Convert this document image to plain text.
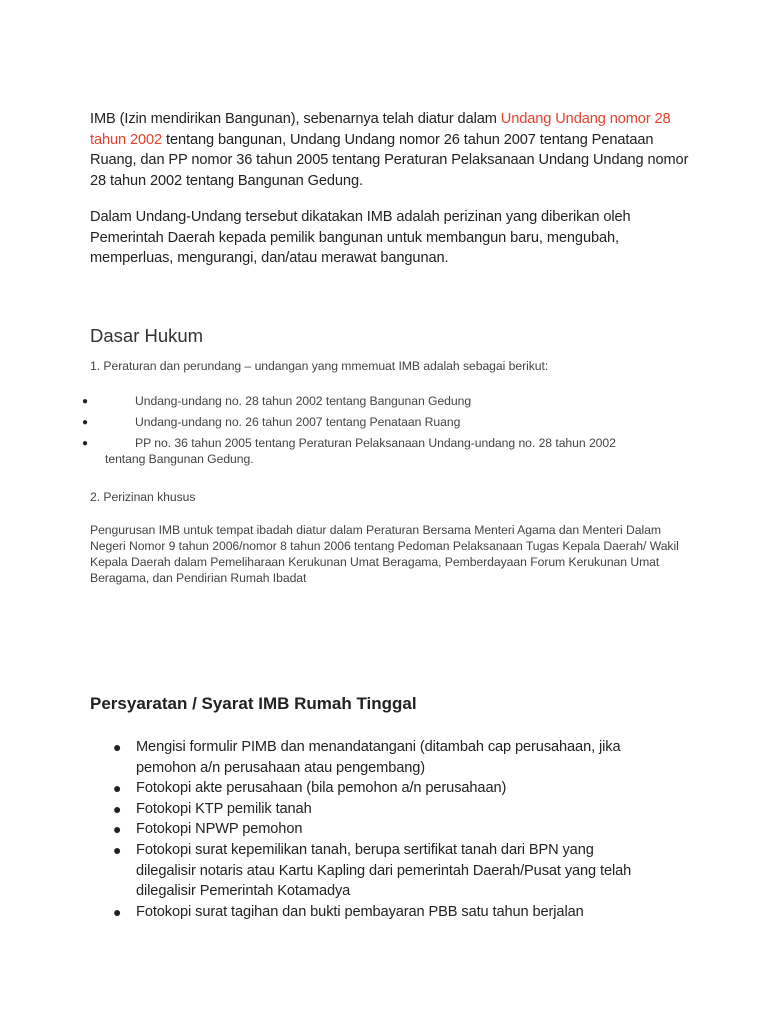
IMB (Izin mendirikan Bangunan), sebenarnya telah diatur dalam Undang Undang nomor 28 tahun 2002 tentang bangunan, Undang Undang nomor 26 tahun 2007 tentang Penataan Ruang, dan PP nomor 36 tahun 2005 tentang Peraturan Pelaksanaan Undang Undang nomor 28 tahun 2002 tentang Bangunan Gedung.

Dalam Undang-Undang tersebut dikatakan IMB adalah perizinan yang diberikan oleh Pemerintah Daerah kepada pemilik bangunan untuk membangun baru, mengubah, memperluas, mengurangi, dan/atau merawat bangunan.

Dasar Hukum

1. Peraturan dan perundang – undangan yang mmemuat IMB adalah sebagai berikut:

●	Undang-undang no. 28 tahun 2002 tentang Bangunan Gedung
●	Undang-undang no. 26 tahun 2007 tentang Penataan Ruang
●	PP no. 36 tahun 2005 tentang Peraturan Pelaksanaan Undang-undang no. 28 tahun 2002 tentang Bangunan Gedung.

2. Perizinan khusus

Pengurusan IMB untuk tempat ibadah diatur dalam Peraturan Bersama Menteri Agama dan Menteri Dalam Negeri Nomor 9 tahun 2006/nomor 8 tahun 2006 tentang Pedoman Pelaksanaan Tugas Kepala Daerah/ Wakil Kepala Daerah dalam Pemeliharaan Kerukunan Umat Beragama, Pemberdayaan Forum Kerukunan Umat Beragama, dan Pendirian Rumah Ibadat

Persyaratan / Syarat IMB Rumah Tinggal
● Mengisi formulir PIMB dan menandatangani (ditambah cap perusahaan, jika pemohon a/n perusahaan atau pengembang)
● Fotokopi akte perusahaan (bila pemohon a/n perusahaan)
● Fotokopi KTP pemilik tanah
● Fotokopi NPWP pemohon
● Fotokopi surat kepemilikan tanah, berupa sertifikat tanah dari BPN yang dilegalisir notaris atau Kartu Kapling dari pemerintah Daerah/Pusat yang telah dilegalisir Pemerintah Kotamadya
● Fotokopi surat tagihan dan bukti pembayaran PBB satu tahun berjalan
